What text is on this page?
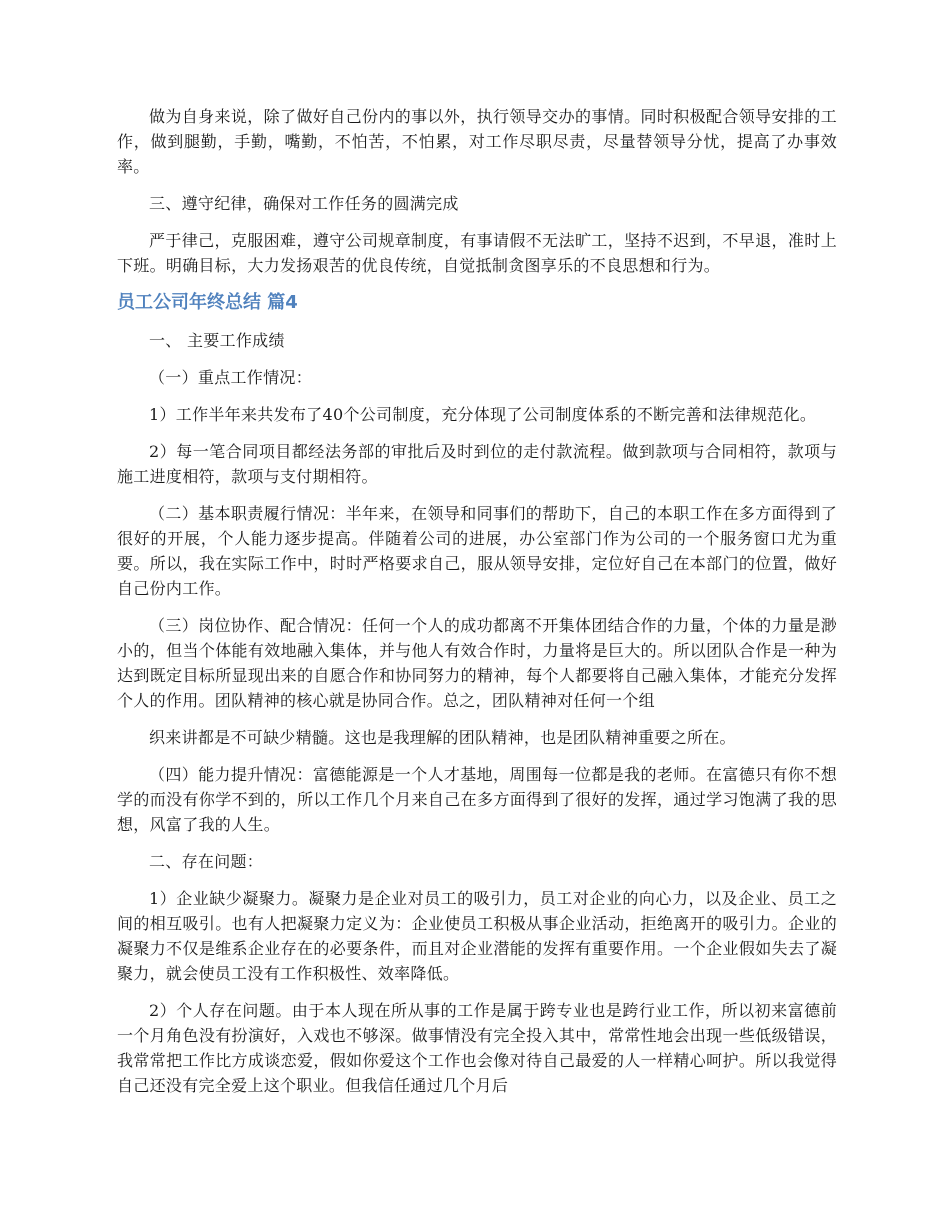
做为自身来说，除了做好自己份内的事以外，执行领导交办的事情。同时积极配合领导安排的工作，做到腿勤，手勤，嘴勤，不怕苦，不怕累，对工作尽职尽责，尽量替领导分忧，提高了办事效率。

三、遵守纪律，确保对工作任务的圆满完成

严于律己，克服困难，遵守公司规章制度，有事请假不无法旷工，坚持不迟到，不早退，准时上下班。明确目标，大力发扬艰苦的优良传统，自觉抵制贪图享乐的不良思想和行为。

员工公司年终总结 篇4

一、 主要工作成绩

（一）重点工作情况：

1）工作半年来共发布了40个公司制度，充分体现了公司制度体系的不断完善和法律规范化。

2）每一笔合同项目都经法务部的审批后及时到位的走付款流程。做到款项与合同相符，款项与施工进度相符，款项与支付期相符。

（二）基本职责履行情况：半年来，在领导和同事们的帮助下，自己的本职工作在多方面得到了很好的开展，个人能力逐步提高。伴随着公司的进展，办公室部门作为公司的一个服务窗口尤为重要。所以，我在实际工作中，时时严格要求自己，服从领导安排，定位好自己在本部门的位置，做好自己份内工作。

（三）岗位协作、配合情况：任何一个人的成功都离不开集体团结合作的力量，个体的力量是渺小的，但当个体能有效地融入集体，并与他人有效合作时，力量将是巨大的。所以团队合作是一种为达到既定目标所显现出来的自愿合作和协同努力的精神，每个人都要将自己融入集体，才能充分发挥个人的作用。团队精神的核心就是协同合作。总之，团队精神对任何一个组

织来讲都是不可缺少精髓。这也是我理解的团队精神，也是团队精神重要之所在。

（四）能力提升情况：富德能源是一个人才基地，周围每一位都是我的老师。在富德只有你不想学的而没有你学不到的，所以工作几个月来自己在多方面得到了很好的发挥，通过学习饱满了我的思想，风富了我的人生。

二、存在问题：

1）企业缺少凝聚力。凝聚力是企业对员工的吸引力，员工对企业的向心力，以及企业、员工之间的相互吸引。也有人把凝聚力定义为：企业使员工积极从事企业活动，拒绝离开的吸引力。企业的凝聚力不仅是维系企业存在的必要条件，而且对企业潜能的发挥有重要作用。一个企业假如失去了凝聚力，就会使员工没有工作积极性、效率降低。

2）个人存在问题。由于本人现在所从事的工作是属于跨专业也是跨行业工作，所以初来富德前一个月角色没有扮演好，入戏也不够深。做事情没有完全投入其中，常常性地会出现一些低级错误，我常常把工作比方成谈恋爱，假如你爱这个工作也会像对待自己最爱的人一样精心呵护。所以我觉得自己还没有完全爱上这个职业。但我信任通过几个月后
